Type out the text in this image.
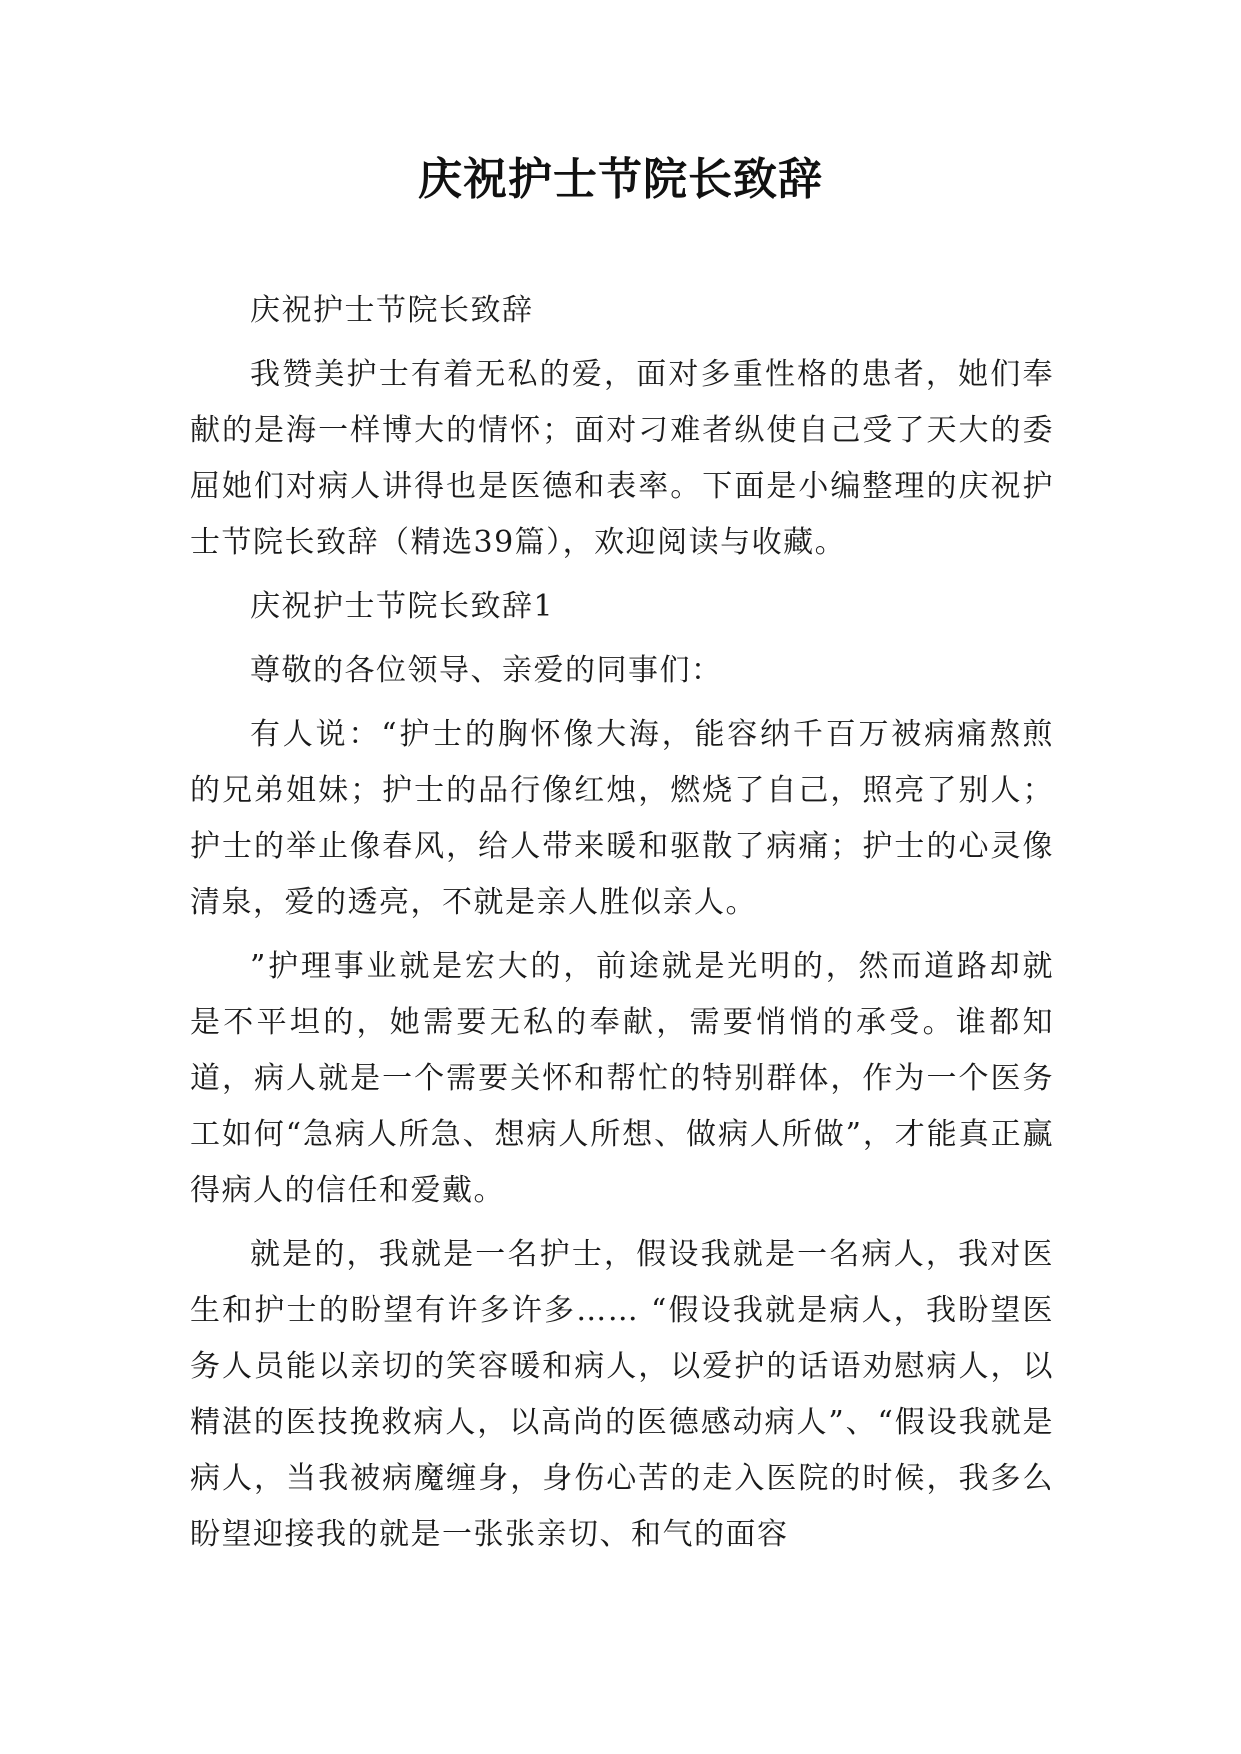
庆祝护士节院长致辞

庆祝护士节院长致辞

我赞美护士有着无私的爱，面对多重性格的患者，她们奉献的是海一样博大的情怀；面对刁难者纵使自己受了天大的委屈她们对病人讲得也是医德和表率。下面是小编整理的庆祝护士节院长致辞（精选39篇），欢迎阅读与收藏。

庆祝护士节院长致辞1

尊敬的各位领导、亲爱的同事们：

有人说：“护士的胸怀像大海，能容纳千百万被病痛熬煎的兄弟姐妹；护士的品行像红烛，燃烧了自己，照亮了别人；护士的举止像春风，给人带来暖和驱散了病痛；护士的心灵像清泉，爱的透亮，不就是亲人胜似亲人。

”护理事业就是宏大的，前途就是光明的，然而道路却就是不平坦的，她需要无私的奉献，需要悄悄的承受。谁都知道，病人就是一个需要关怀和帮忙的特别群体，作为一个医务工如何“急病人所急、想病人所想、做病人所做”，才能真正赢得病人的信任和爱戴。

就是的，我就是一名护士，假设我就是一名病人，我对医生和护士的盼望有许多许多…… “假设我就是病人，我盼望医务人员能以亲切的笑容暖和病人，以爱护的话语劝慰病人，以精湛的医技挽救病人，以高尚的医德感动病人”、“假设我就是病人，当我被病魔缠身，身伤心苦的走入医院的时候，我多么盼望迎接我的就是一张张亲切、和气的面容
